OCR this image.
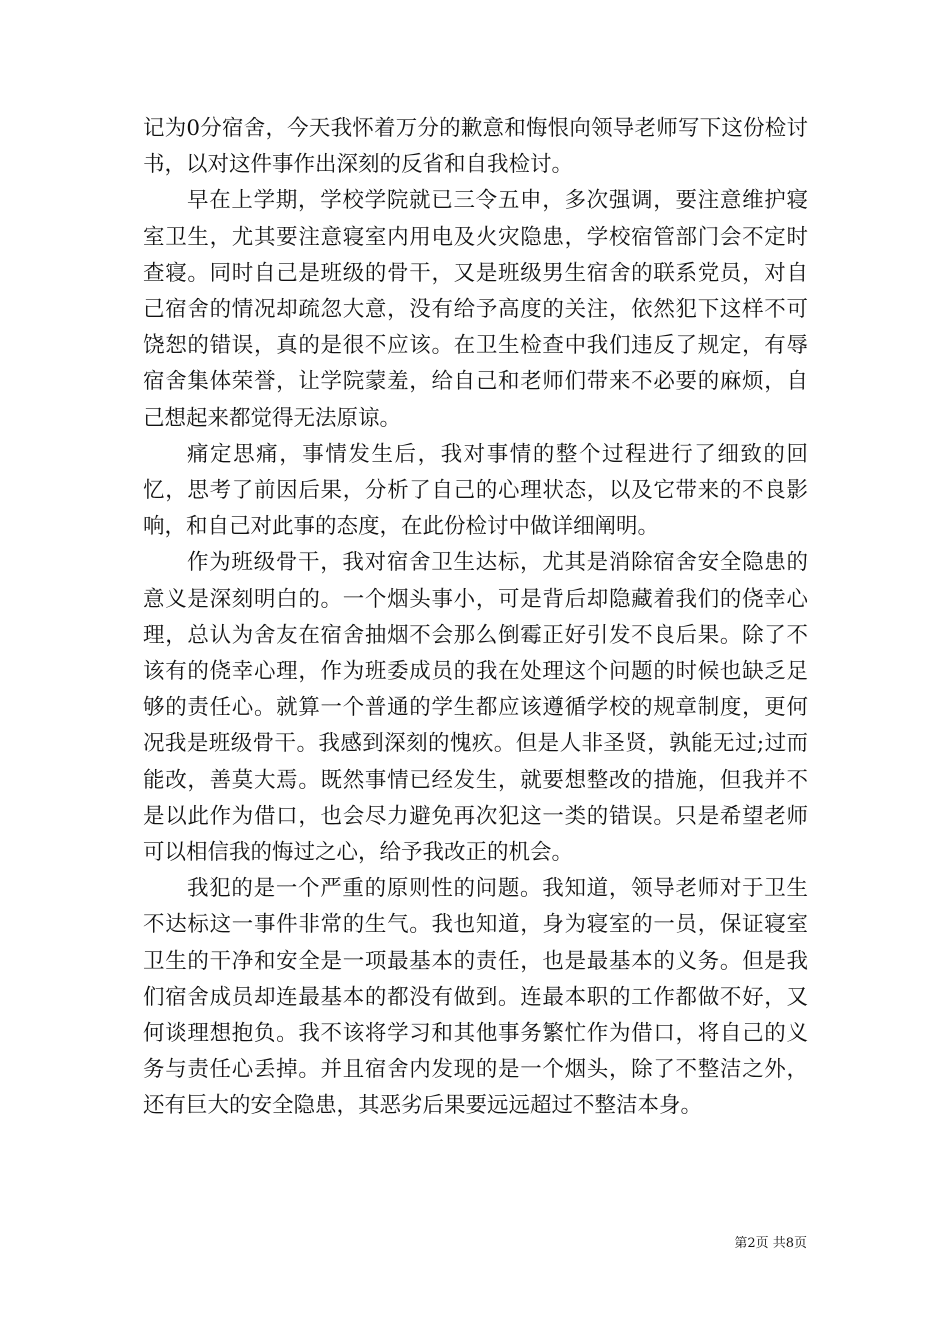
记为0分宿舍，今天我怀着万分的歉意和悔恨向领导老师写下这份检讨书，以对这件事作出深刻的反省和自我检讨。

早在上学期，学校学院就已三令五申，多次强调，要注意维护寝室卫生，尤其要注意寝室内用电及火灾隐患，学校宿管部门会不定时查寝。同时自己是班级的骨干，又是班级男生宿舍的联系党员，对自己宿舍的情况却疏忽大意，没有给予高度的关注，依然犯下这样不可饶恕的错误，真的是很不应该。在卫生检查中我们违反了规定，有辱宿舍集体荣誉，让学院蒙羞，给自己和老师们带来不必要的麻烦，自己想起来都觉得无法原谅。

痛定思痛，事情发生后，我对事情的整个过程进行了细致的回忆，思考了前因后果，分析了自己的心理状态，以及它带来的不良影响，和自己对此事的态度，在此份检讨中做详细阐明。

作为班级骨干，我对宿舍卫生达标，尤其是消除宿舍安全隐患的意义是深刻明白的。一个烟头事小，可是背后却隐藏着我们的侥幸心理，总认为舍友在宿舍抽烟不会那么倒霉正好引发不良后果。除了不该有的侥幸心理，作为班委成员的我在处理这个问题的时候也缺乏足够的责任心。就算一个普通的学生都应该遵循学校的规章制度，更何况我是班级骨干。我感到深刻的愧疚。但是人非圣贤，孰能无过;过而能改，善莫大焉。既然事情已经发生，就要想整改的措施，但我并不是以此作为借口，也会尽力避免再次犯这一类的错误。只是希望老师可以相信我的悔过之心，给予我改正的机会。

我犯的是一个严重的原则性的问题。我知道，领导老师对于卫生不达标这一事件非常的生气。我也知道，身为寝室的一员，保证寝室卫生的干净和安全是一项最基本的责任，也是最基本的义务。但是我们宿舍成员却连最基本的都没有做到。连最本职的工作都做不好，又何谈理想抱负。我不该将学习和其他事务繁忙作为借口，将自己的义务与责任心丢掉。并且宿舍内发现的是一个烟头，除了不整洁之外，还有巨大的安全隐患，其恶劣后果要远远超过不整洁本身。

第2页 共8页
